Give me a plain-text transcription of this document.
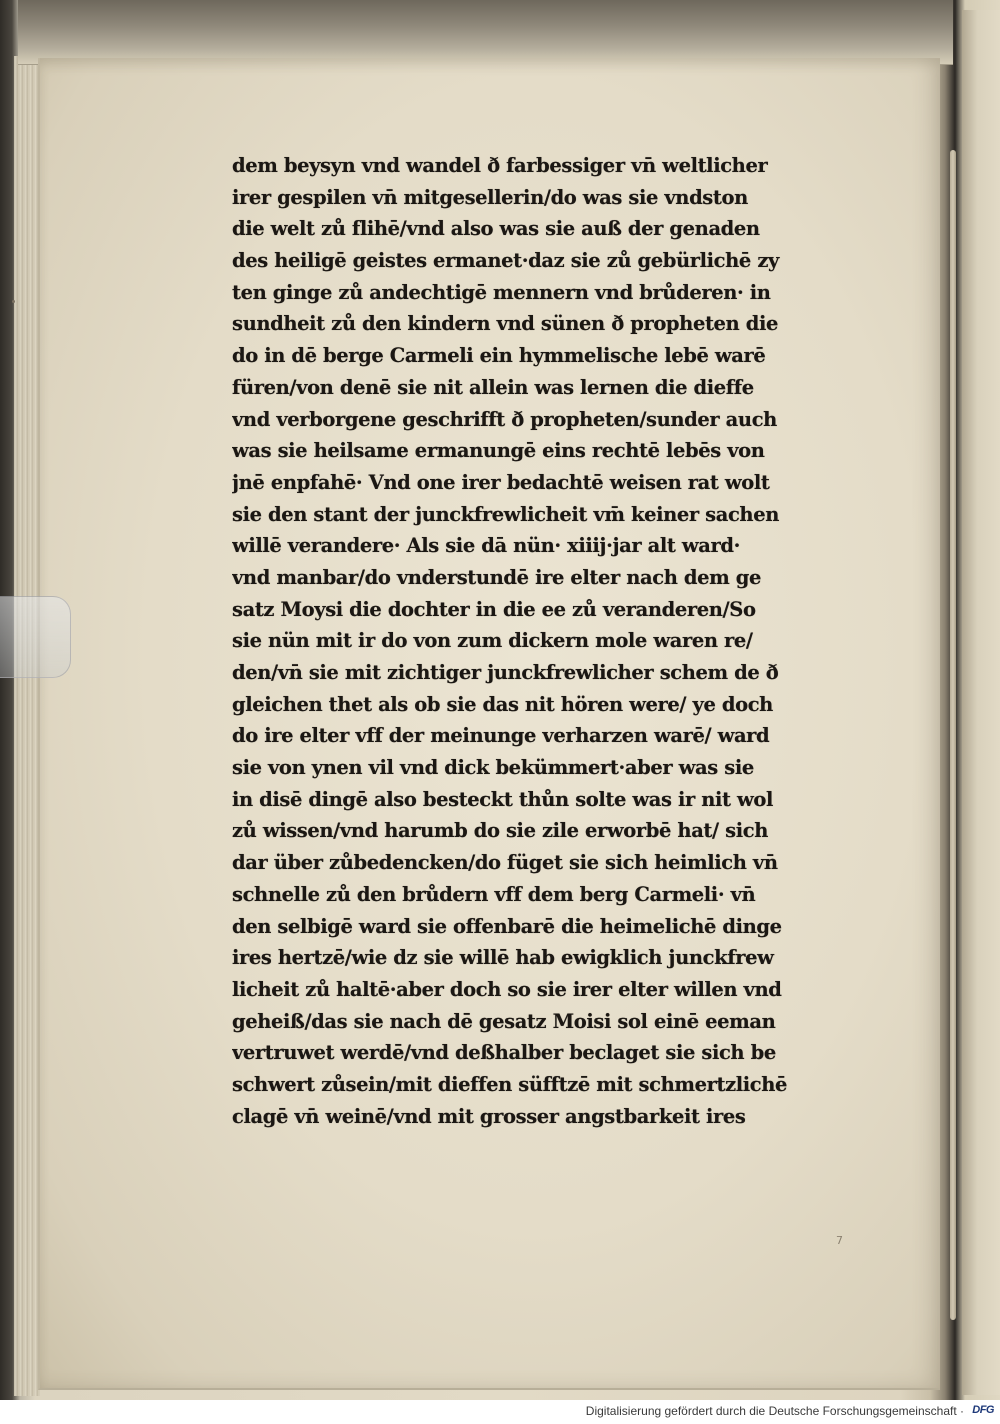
dem beysyn vnd wandel ð farbessiger vn̄ weltlicher
irer gespilen vn̄ mitgesellerin/do was sie vndston
die welt zů flihē/vnd also was sie auß der genaden
des heiligē geistes ermanet·daz sie zů gebürlichē zy
ten ginge zů andechtigē mennern vnd brůderen· in
sundheit zů den kindern vnd sünen ð propheten die
do in dē berge Carmeli ein hymmelische lebē warē
füren/von denē sie nit allein was lernen die dieffe
vnd verborgene geschrifft ð propheten/sunder auch
was sie heilsame ermanungē eins rechtē lebēs von
jnē enpfahē· Vnd one irer bedachtē weisen rat wolt
sie den stant der junckfrewlicheit vm̄ keiner sachen
willē verandere· Als sie dā nün· xiiij·jar alt ward·
vnd manbar/do vnderstundē ire elter nach dem ge
satz Moysi die dochter in die ee zů veranderen/So
sie nün mit ir do von zum dickern mole waren re/
den/vn̄ sie mit zichtiger junckfrewlicher schem de ð
gleichen thet als ob sie das nit hören were/ ye doch
do ire elter vff der meinunge verharzen warē/ ward
sie von ynen vil vnd dick bekümmert·aber was sie
in disē dingē also besteckt thůn solte was ir nit wol
zů wissen/vnd harumb do sie zile erworbē hat/ sich
dar über zůbedencken/do füget sie sich heimlich vn̄
schnelle zů den brůdern vff dem berg Carmeli· vn̄
den selbigē ward sie offenbarē die heimelichē dinge
ires hertzē/wie dz sie willē hab ewigklich junckfrew
licheit zů haltē·aber doch so sie irer elter willen vnd
geheiß/das sie nach dē gesatz Moisi sol einē eeman
vertruwet werdē/vnd deßhalber beclaget sie sich be
schwert zůsein/mit dieffen süfftzē mit schmertzlichē
clagē vn̄ weinē/vnd mit grosser angstbarkeit ires
7
Digitalisierung gefördert durch die Deutsche Forschungsgemeinschaft · DFG
